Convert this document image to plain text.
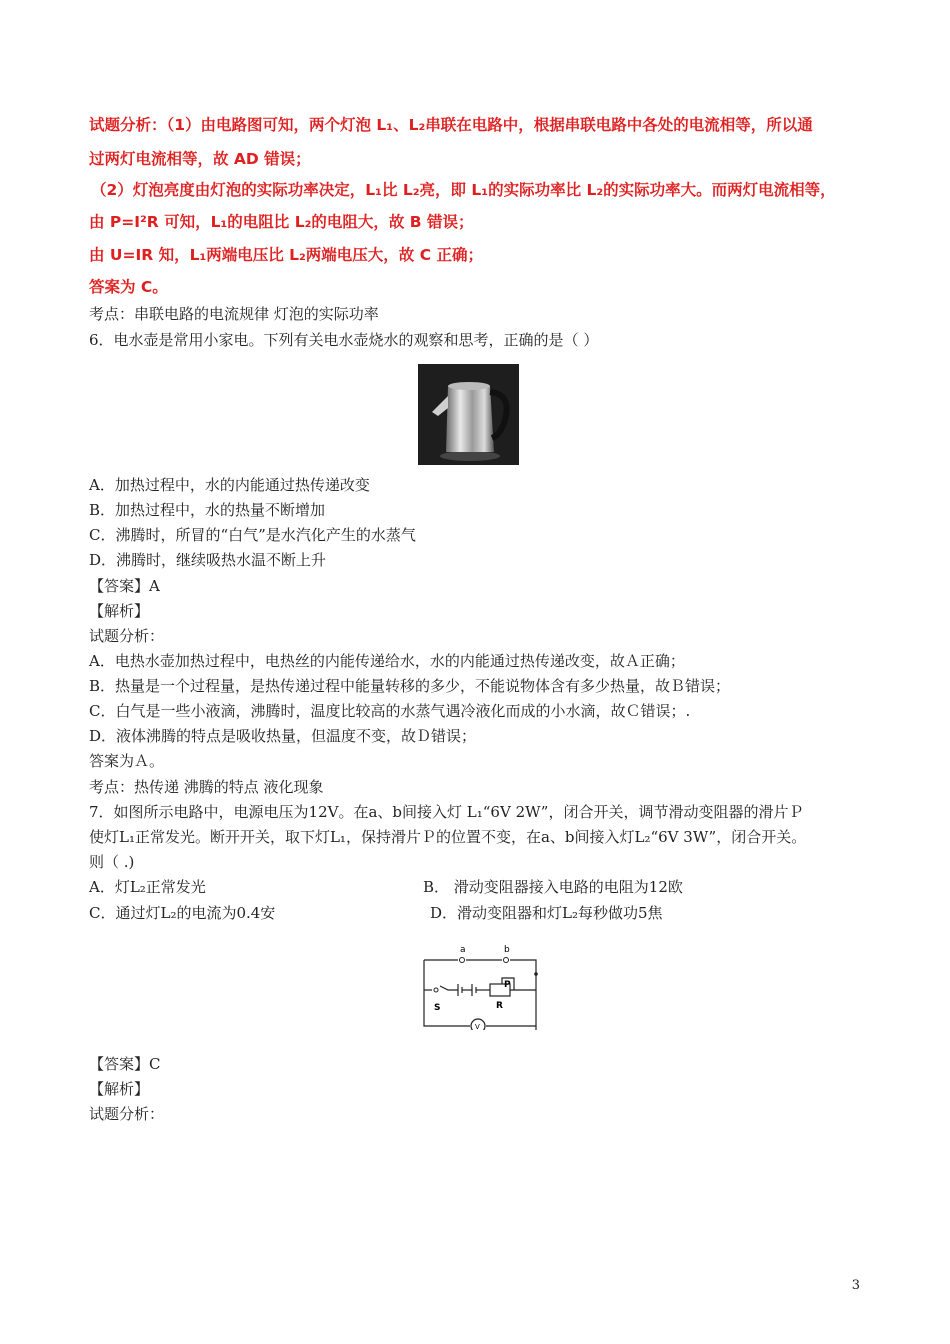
试题分析：（1）由电路图可知，两个灯泡 L₁、L₂串联在电路中，根据串联电路中各处的电流相等，所以通
过两灯电流相等，故 AD 错误；
（2）灯泡亮度由灯泡的实际功率决定，L₁比 L₂亮，即 L₁的实际功率比 L₂的实际功率大。而两灯电流相等，
由 P=I²R 可知，L₁的电阻比 L₂的电阻大，故 B 错误；
由 U=IR 知，L₁两端电压比 L₂两端电压大，故 C 正确；
答案为 C。
考点：串联电路的电流规律 灯泡的实际功率
6．电水壶是常用小家电。下列有关电水壶烧水的观察和思考，正确的是（ ）
A．加热过程中，水的内能通过热传递改变
B．加热过程中，水的热量不断增加
C．沸腾时，所冒的“白气”是水汽化产生的水蒸气
D．沸腾时，继续吸热水温不断上升
【答案】A
【解析】
试题分析：
A．电热水壶加热过程中，电热丝的内能传递给水，水的内能通过热传递改变，故Ａ正确；
B．热量是一个过程量，是热传递过程中能量转移的多少，不能说物体含有多少热量，故Ｂ错误；
C．白气是一些小液滴，沸腾时，温度比较高的水蒸气遇冷液化而成的小水滴，故Ｃ错误；.
D．液体沸腾的特点是吸收热量，但温度不变，故Ｄ错误；
答案为Ａ。
考点：热传递 沸腾的特点 液化现象
7．如图所示电路中，电源电压为12V。在a、b间接入灯 L₁“6V 2W”，闭合开关，调节滑动变阻器的滑片Ｐ
使灯L₁正常发光。断开开关，取下灯L₁，保持滑片Ｐ的位置不变，在a、b间接入灯L₂“6V 3W”，闭合开关。
则（ .)
A．灯L₂正常发光	B． 滑动变阻器接入电路的电阻为12欧
C．通过灯L₂的电流为0.4安	D．滑动变阻器和灯L₂每秒做功5焦
a	b
P
R
S
V
【答案】C
【解析】
试题分析：
3
